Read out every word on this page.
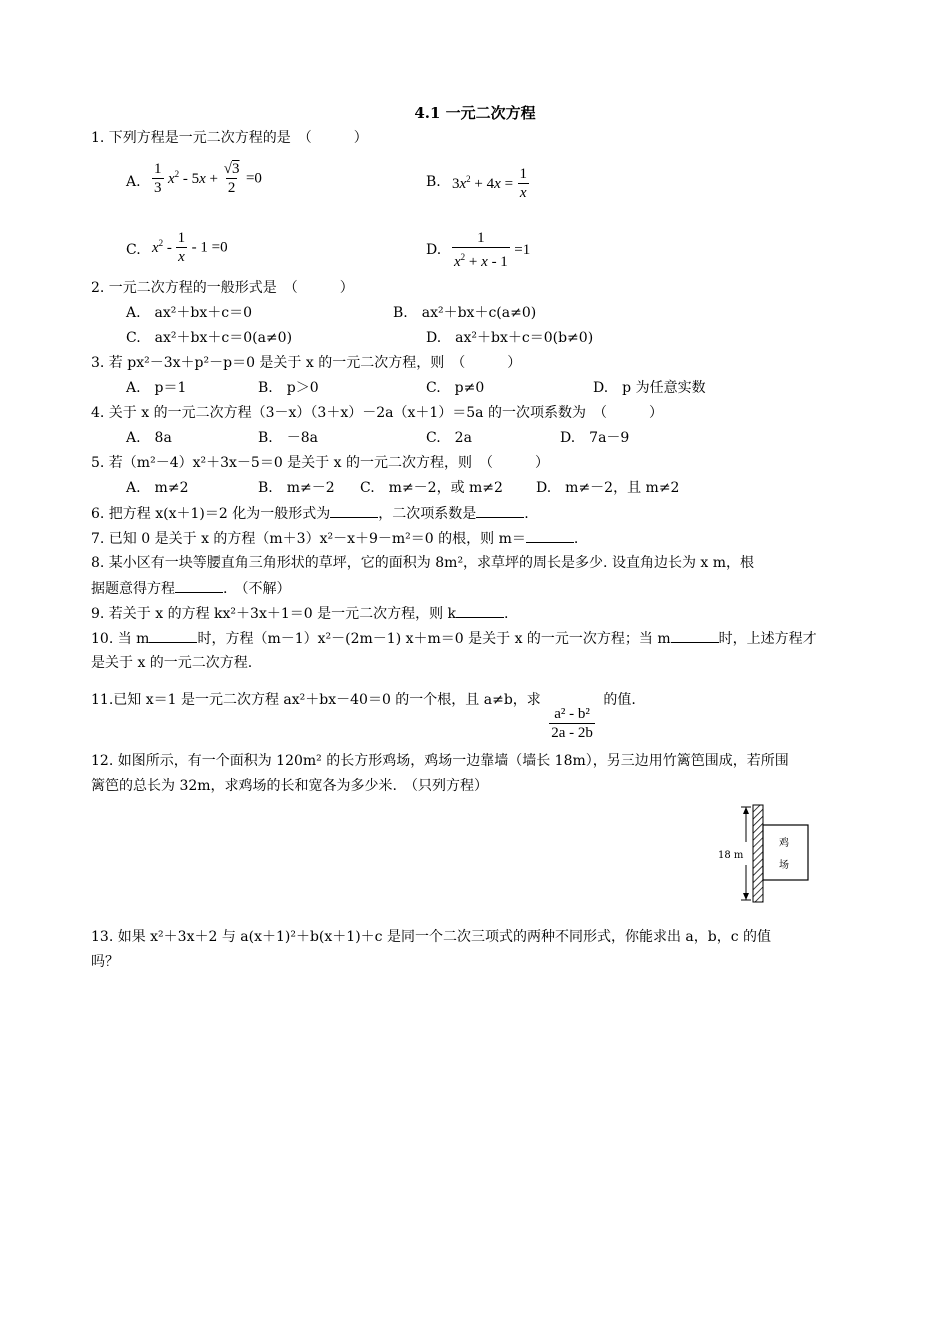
4.1 一元二次方程
1. 下列方程是一元二次方程的是　（　　　）
A. $\frac{1}{3} x^2 - 5x + \frac{√3}{2} =0$	B. $3x^2 + 4x = \frac{1}{x}$
C. $x^2 - \frac{1}{x} - 1 =0$	D. $\frac{1}{x^2 + x - 1} =1$
2. 一元二次方程的一般形式是　（　　　）
A.　ax²＋bx＋c＝0	B.　ax²＋bx＋c(a≠0)
C.　ax²＋bx＋c＝0(a≠0)	D.　ax²＋bx＋c＝0(b≠0)
3. 若 px²－3x＋p²－p＝0 是关于 x 的一元二次方程，则　（　　　）
A.　p＝1	B.　p＞0	C.　p≠0	D.　p 为任意实数
4. 关于 x 的一元二次方程（3－x）（3＋x）－2a（x＋1）＝5a 的一次项系数为　（　　　）
A.　8a	B.　－8a	C.　2a	D.　7a－9
5. 若（m²－4）x²＋3x－5＝0 是关于 x 的一元二次方程，则　（　　　）
A.　m≠2	B.　m≠－2 C.　m≠－2，或 m≠2 D.　m≠－2，且 m≠2
6. 把方程 x(x＋1)＝2 化为一般形式为	，二次项系数是	.
7. 已知 0 是关于 x 的方程（m＋3）x²－x＋9－m²＝0 的根，则 m＝	.
8. 某小区有一块等腰直角三角形状的草坪，它的面积为 8m²，求草坪的周长是多少. 设直角边长为 x m，根
据题意得方程	.　（不解）
9. 若关于 x 的方程 kx²＋3x＋1＝0 是一元二次方程，则 k	.
10. 当 m	时，方程（m－1）x²－(2m－1) x＋m＝0 是关于 x 的一元一次方程；当 m	时，上述方程才
是关于 x 的一元二次方程.
11.已知 x＝1 是一元二次方程 ax²＋bx－40＝0 的一个根，且 a≠b，求
$\frac{\text{a² - b²}}{2a - 2b}$
的值.
12. 如图所示，有一个面积为 120m² 的长方形鸡场，鸡场一边靠墙（墙长 18m），另三边用竹篱笆围成，若所围
篱笆的总长为 32m，求鸡场的长和宽各为多少米.　（只列方程）
18 m
鸡
场
13. 如果 x²＋3x＋2 与 a(x＋1)²＋b(x＋1)＋c 是同一个二次三项式的两种不同形式，你能求出 a，b，c 的值
吗？
